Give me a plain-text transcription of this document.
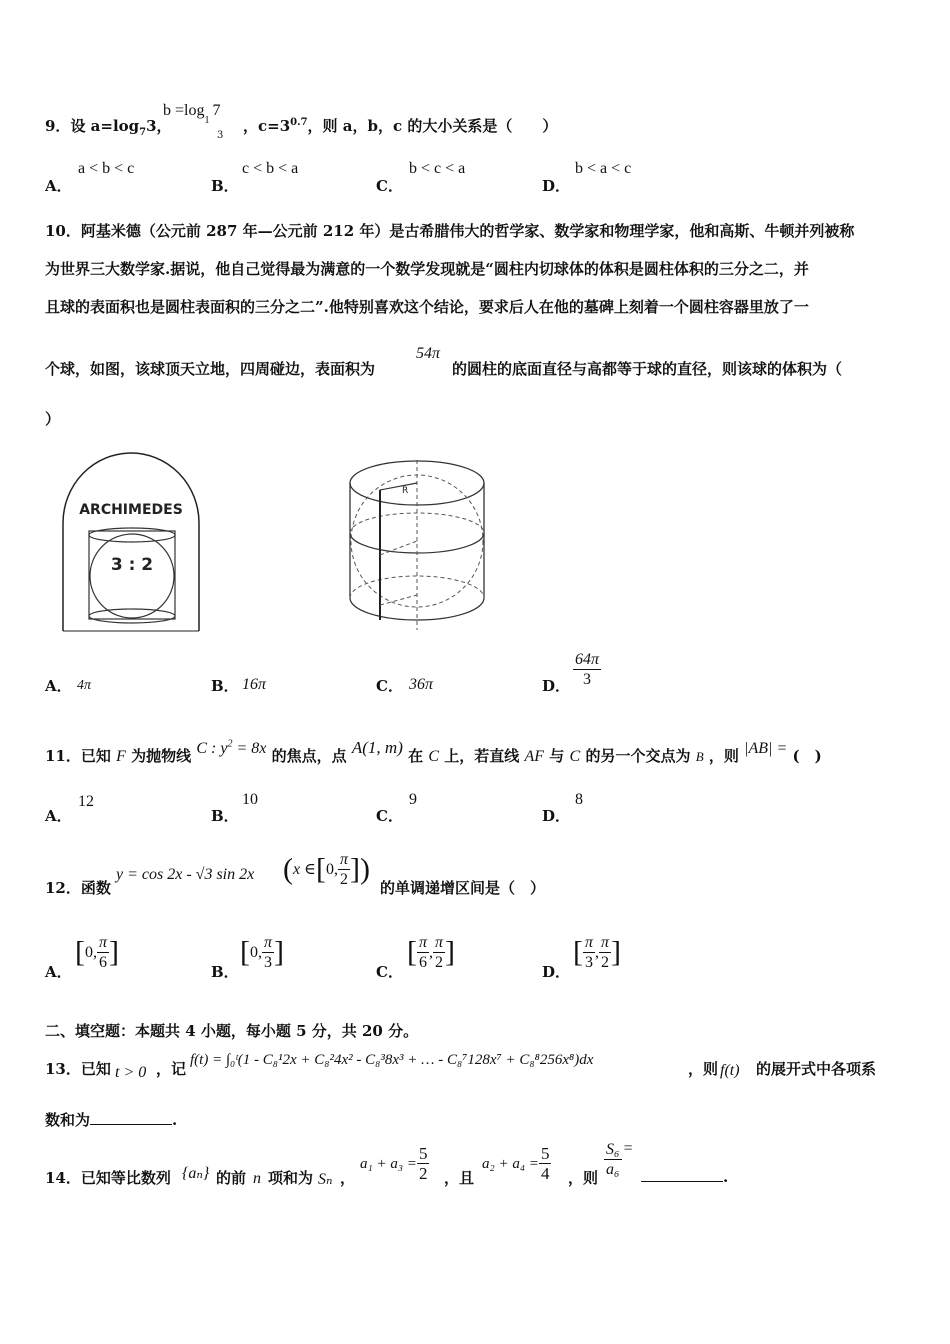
9．设 $a=\log_73$，
$b =\log_17$
3
，$c=3^{0.7}$，则 a，b，c 的大小关系是（　　）
A．
a < b < c
B．
c < b < a
C．
b < c < a
D．
b < a < c
10．阿基米德（公元前 287 年—公元前 212 年）是古希腊伟大的哲学家、数学家和物理学家，他和高斯、牛顿并列被称
为世界三大数学家.据说，他自己觉得最为满意的一个数学发现就是“圆柱内切球体的体积是圆柱体积的三分之二，并
且球的表面积也是圆柱表面积的三分之二”.他特别喜欢这个结论，要求后人在他的墓碑上刻着一个圆柱容器里放了一
个球，如图，该球顶天立地，四周碰边，表面积为
54π
的圆柱的底面直径与高都等于球的直径，则该球的体积为（
）
ARCHIMEDES
3 : 2
R
A． 4π	B． 16π	C． 36π	D． $\frac{64\pi}{3}$
11．已知 F 为抛物线 C : $y^2 = 8x$ 的焦点，点 A(1, m) 在 C 上，若直线 AF 与 C 的另一个交点为 B ，则 |AB| = (　)
A．
12
B．
10
C．
9
D．
8
12．函数
y = cos 2x - √3 sin 2x (x ∈[0, $\frac{\pi}{2}$ ])
的单调递增区间是（　）
A．
[0, $\frac{\pi}{6}$ ]
B．
[0, $\frac{\pi}{3}$ ]
C．
[ $\frac{\pi}{6}$ , $\frac{\pi}{2}$ ]
D．
[ $\frac{\pi}{3}$ , $\frac{\pi}{2}$ ]
二、填空题：本题共 4 小题，每小题 5 分，共 20 分。
13．已知 t > 0 ，记 f(t) = ∫₀ᵗ(1 - C₈¹2x + C₈²4x² - C₈³8x³ + … - C₈⁷128x⁷ + C₈⁸256x⁸)dx	，则 f(t) 的展开式中各项系
数和为	.
14．已知等比数列 {aₙ} 的前 n 项和为 Sₙ ，
$a_1 + a_3 = \frac{5}{2}$ ，且
$a_2 + a_4 = \frac{5}{4}$ ，则 $\frac{\text{S₆}}{\text{a₆}}$ =
.
